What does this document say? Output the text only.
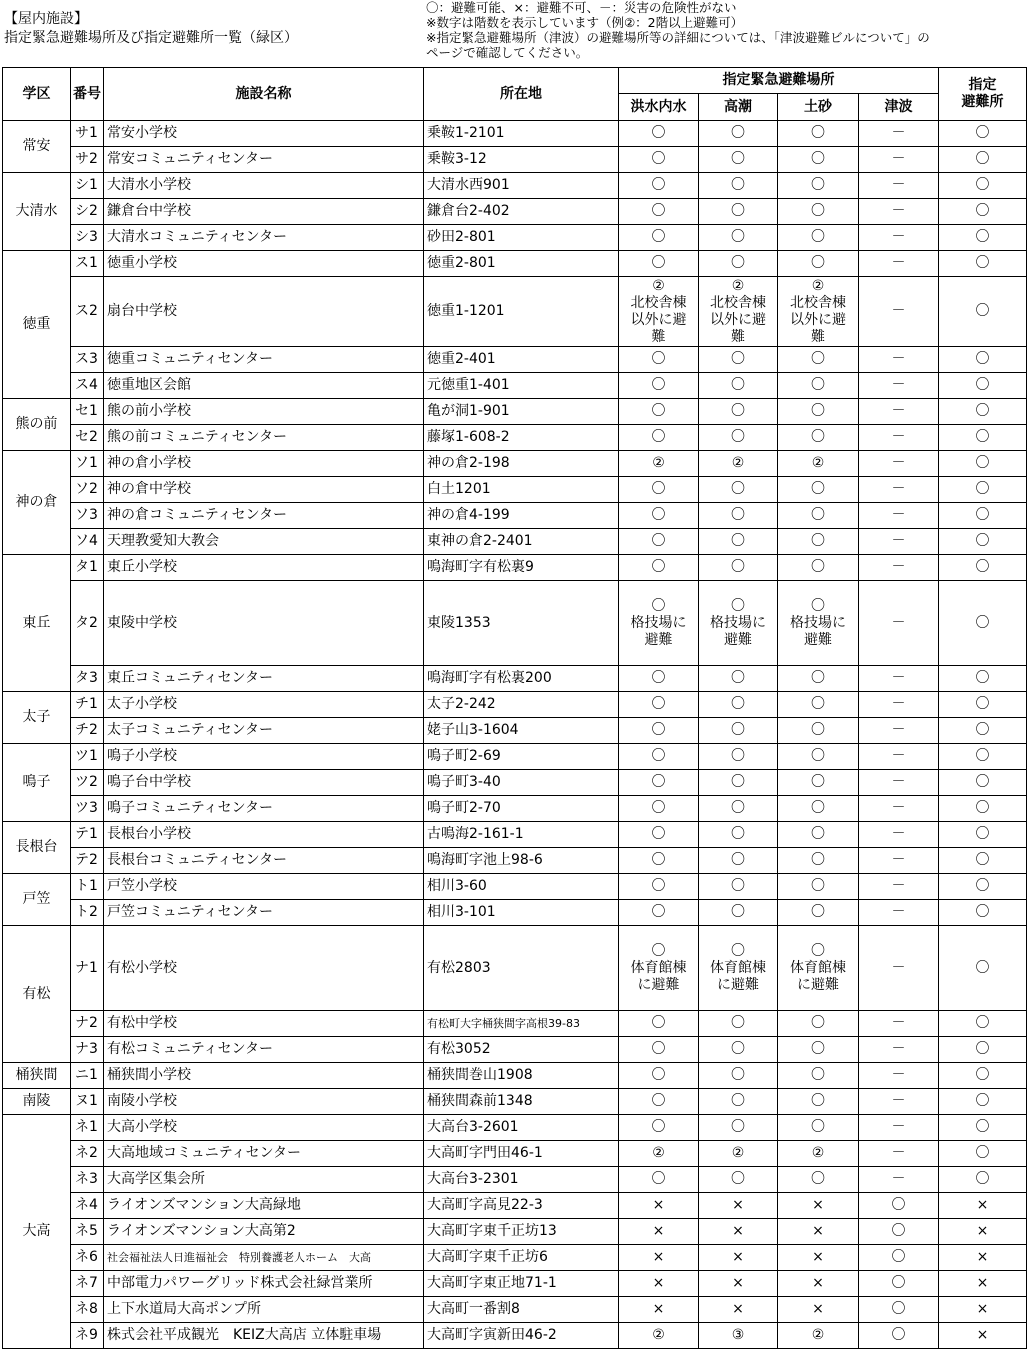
【屋内施設】
指定緊急避難場所及び指定避難所一覧（緑区）
〇：避難可能、×：避難不可、－：災害の危険性がない
※数字は階数を表示しています（例②：2階以上避難可）
※指定緊急避難場所（津波）の避難場所等の詳細については、「津波避難ビルについて」の
ページで確認してください。
学区	番号	施設名称	所在地	指定緊急避難場所				指定
避難所
				洪水内水	高潮	土砂	津波	
常安	サ1	常安小学校	乗鞍1-2101	〇	〇	〇	－	〇
	サ2	常安コミュニティセンター	乗鞍3-12	〇	〇	〇	－	〇
大清水	シ1	大清水小学校	大清水西901	〇	〇	〇	－	〇
	シ2	鎌倉台中学校	鎌倉台2-402	〇	〇	〇	－	〇
	シ3	大清水コミュニティセンター	砂田2-801	〇	〇	〇	－	〇
徳重	ス1	徳重小学校	徳重2-801	〇	〇	〇	－	〇
	ス2	扇台中学校	徳重1-1201	②
北校舎棟
以外に避
難	②
北校舎棟
以外に避
難	②
北校舎棟
以外に避
難	－	〇
	ス3	徳重コミュニティセンター	徳重2-401	〇	〇	〇	－	〇
	ス4	徳重地区会館	元徳重1-401	〇	〇	〇	－	〇
熊の前	セ1	熊の前小学校	亀が洞1-901	〇	〇	〇	－	〇
	セ2	熊の前コミュニティセンター	藤塚1-608-2	〇	〇	〇	－	〇
神の倉	ソ1	神の倉小学校	神の倉2-198	②	②	②	－	〇
	ソ2	神の倉中学校	白土1201	〇	〇	〇	－	〇
	ソ3	神の倉コミュニティセンター	神の倉4-199	〇	〇	〇	－	〇
	ソ4	天理教愛知大教会	東神の倉2-2401	〇	〇	〇	－	〇
東丘	タ1	東丘小学校	鳴海町字有松裏9	〇	〇	〇	－	〇
	タ2	東陵中学校	東陵1353	〇
格技場に
避難	〇
格技場に
避難	〇
格技場に
避難	－	〇
	タ3	東丘コミュニティセンター	鳴海町字有松裏200	〇	〇	〇	－	〇
太子	チ1	太子小学校	太子2-242	〇	〇	〇	－	〇
	チ2	太子コミュニティセンター	姥子山3-1604	〇	〇	〇	－	〇
鳴子	ツ1	鳴子小学校	鳴子町2-69	〇	〇	〇	－	〇
	ツ2	鳴子台中学校	鳴子町3-40	〇	〇	〇	－	〇
	ツ3	鳴子コミュニティセンター	鳴子町2-70	〇	〇	〇	－	〇
長根台	テ1	長根台小学校	古鳴海2-161-1	〇	〇	〇	－	〇
	テ2	長根台コミュニティセンター	鳴海町字池上98-6	〇	〇	〇	－	〇
戸笠	ト1	戸笠小学校	相川3-60	〇	〇	〇	－	〇
	ト2	戸笠コミュニティセンター	相川3-101	〇	〇	〇	－	〇
有松	ナ1	有松小学校	有松2803	〇
体育館棟
に避難	〇
体育館棟
に避難	〇
体育館棟
に避難	－	〇
	ナ2	有松中学校	有松町大字桶狭間字高根39-83	〇	〇	〇	－	〇
	ナ3	有松コミュニティセンター	有松3052	〇	〇	〇	－	〇
桶狭間	ニ1	桶狭間小学校	桶狭間巻山1908	〇	〇	〇	－	〇
南陵	ヌ1	南陵小学校	桶狭間森前1348	〇	〇	〇	－	〇
大高	ネ1	大高小学校	大高台3-2601	〇	〇	〇	－	〇
	ネ2	大高地域コミュニティセンター	大高町字門田46-1	②	②	②	－	〇
	ネ3	大高学区集会所	大高台3-2301	〇	〇	〇	－	〇
	ネ4	ライオンズマンション大高緑地	大高町字高見22-3	×	×	×	〇	×
	ネ5	ライオンズマンション大高第2	大高町字東千正坊13	×	×	×	〇	×
	ネ6	社会福祉法人日進福祉会　特別養護老人ホーム　大高	大高町字東千正坊6	×	×	×	〇	×
	ネ7	中部電力パワーグリッド株式会社緑営業所	大高町字東正地71-1	×	×	×	〇	×
	ネ8	上下水道局大高ポンプ所	大高町一番割8	×	×	×	〇	×
	ネ9	株式会社平成観光　KEIZ大高店 立体駐車場	大高町字寅新田46-2	②	③	②	〇	×
